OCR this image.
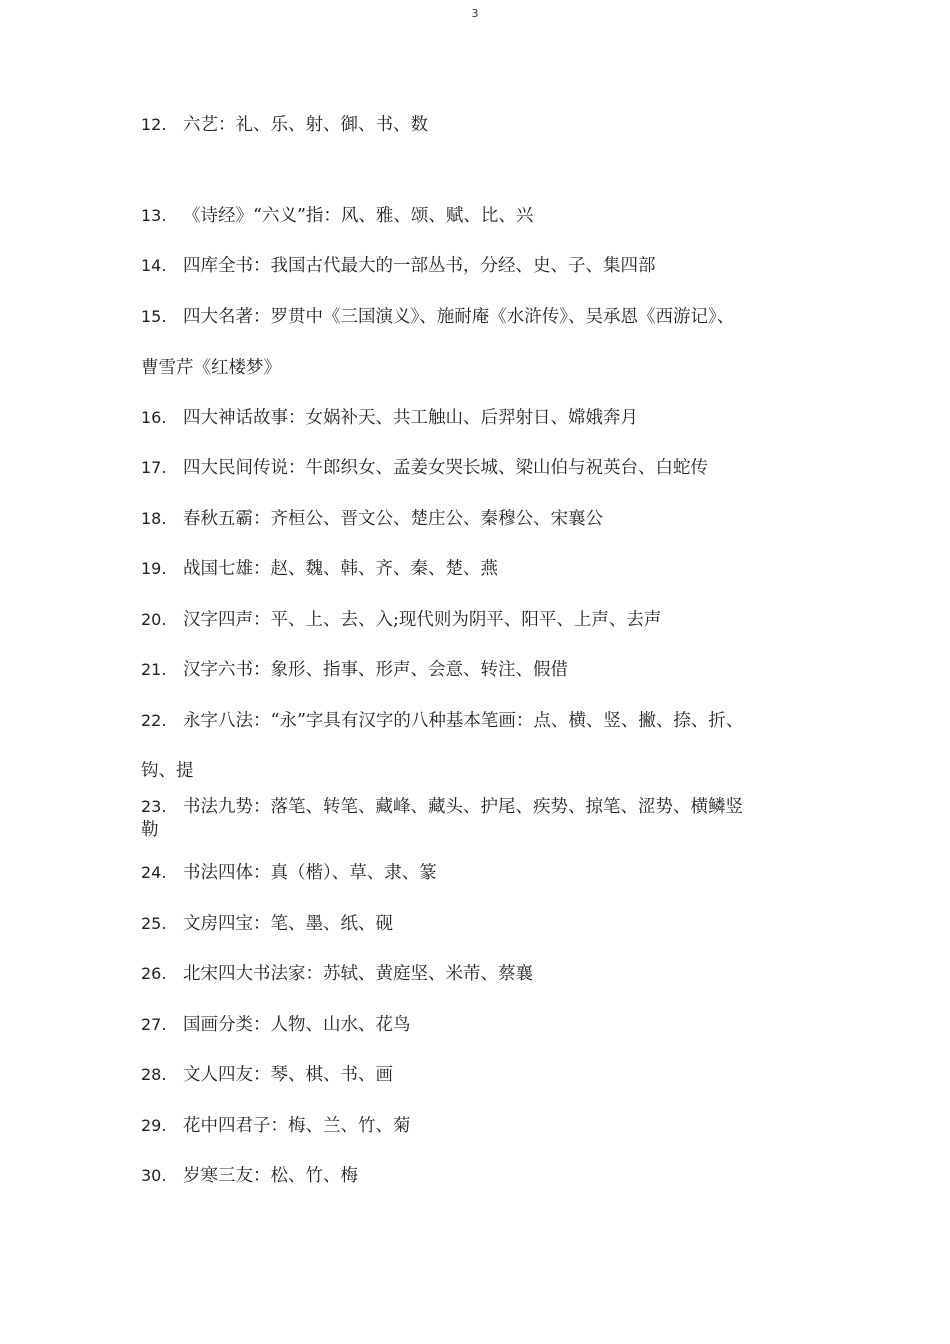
3
12. 六艺：礼、乐、射、御、书、数
13. 《诗经》“六义”指：风、雅、颂、赋、比、兴
14. 四库全书：我国古代最大的一部丛书，分经、史、子、集四部
15. 四大名著：罗贯中《三国演义》、施耐庵《水浒传》、吴承恩《西游记》、
曹雪芹《红楼梦》
16. 四大神话故事：女娲补天、共工触山、后羿射日、嫦娥奔月
17. 四大民间传说：牛郎织女、孟姜女哭长城、梁山伯与祝英台、白蛇传
18. 春秋五霸：齐桓公、晋文公、楚庄公、秦穆公、宋襄公
19. 战国七雄：赵、魏、韩、齐、秦、楚、燕
20. 汉字四声：平、上、去、入;现代则为阴平、阳平、上声、去声
21. 汉字六书：象形、指事、形声、会意、转注、假借
22. 永字八法：“永”字具有汉字的八种基本笔画：点、横、竖、撇、捺、折、
钩、提
23. 书法九势：落笔、转笔、藏峰、藏头、护尾、疾势、掠笔、涩势、横鳞竖
勒
24. 书法四体：真（楷）、草、隶、篆
25. 文房四宝：笔、墨、纸、砚
26. 北宋四大书法家：苏轼、黄庭坚、米芾、蔡襄
27. 国画分类：人物、山水、花鸟
28. 文人四友：琴、棋、书、画
29. 花中四君子：梅、兰、竹、菊
30. 岁寒三友：松、竹、梅
